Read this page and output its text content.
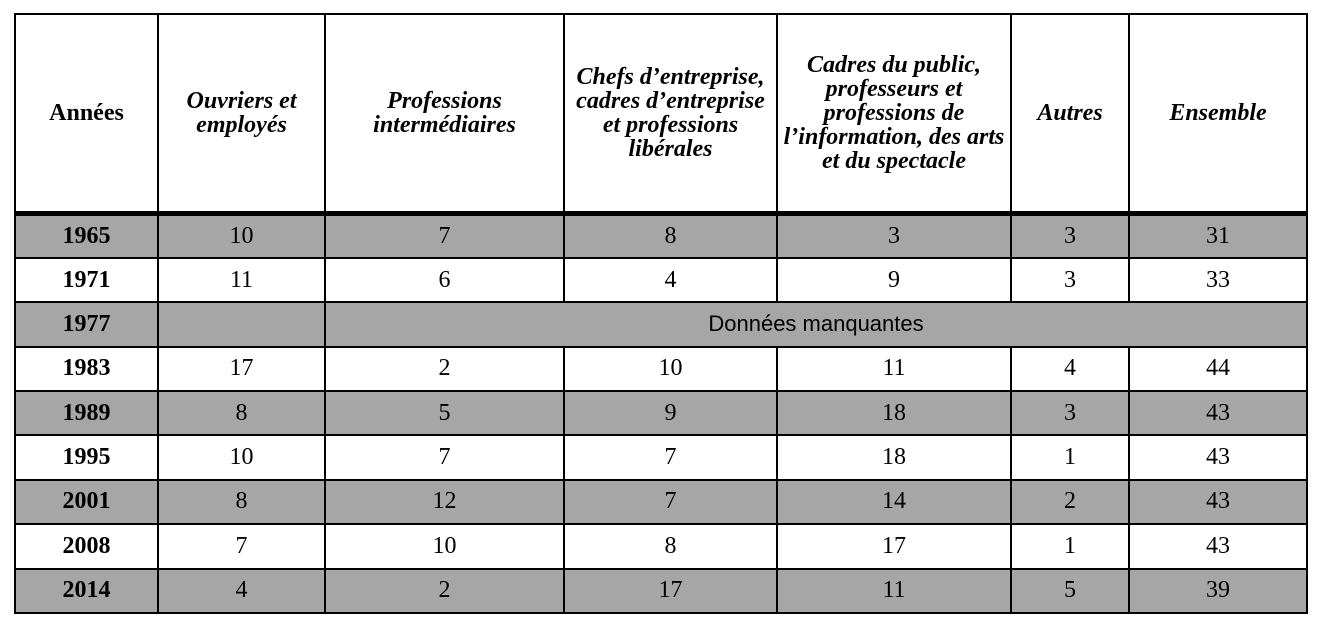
Années	Ouvriers et employés	Professions intermédiaires	Chefs d’entreprise, cadres d’entreprise et professions libérales	Cadres du public, professeurs et professions de l’information, des arts et du spectacle	Autres	Ensemble
1965	10	7	8	3	3	31
1971	11	6	4	9	3	33
1977		Données manquantes				
1983	17	2	10	11	4	44
1989	8	5	9	18	3	43
1995	10	7	7	18	1	43
2001	8	12	7	14	2	43
2008	7	10	8	17	1	43
2014	4	2	17	11	5	39
